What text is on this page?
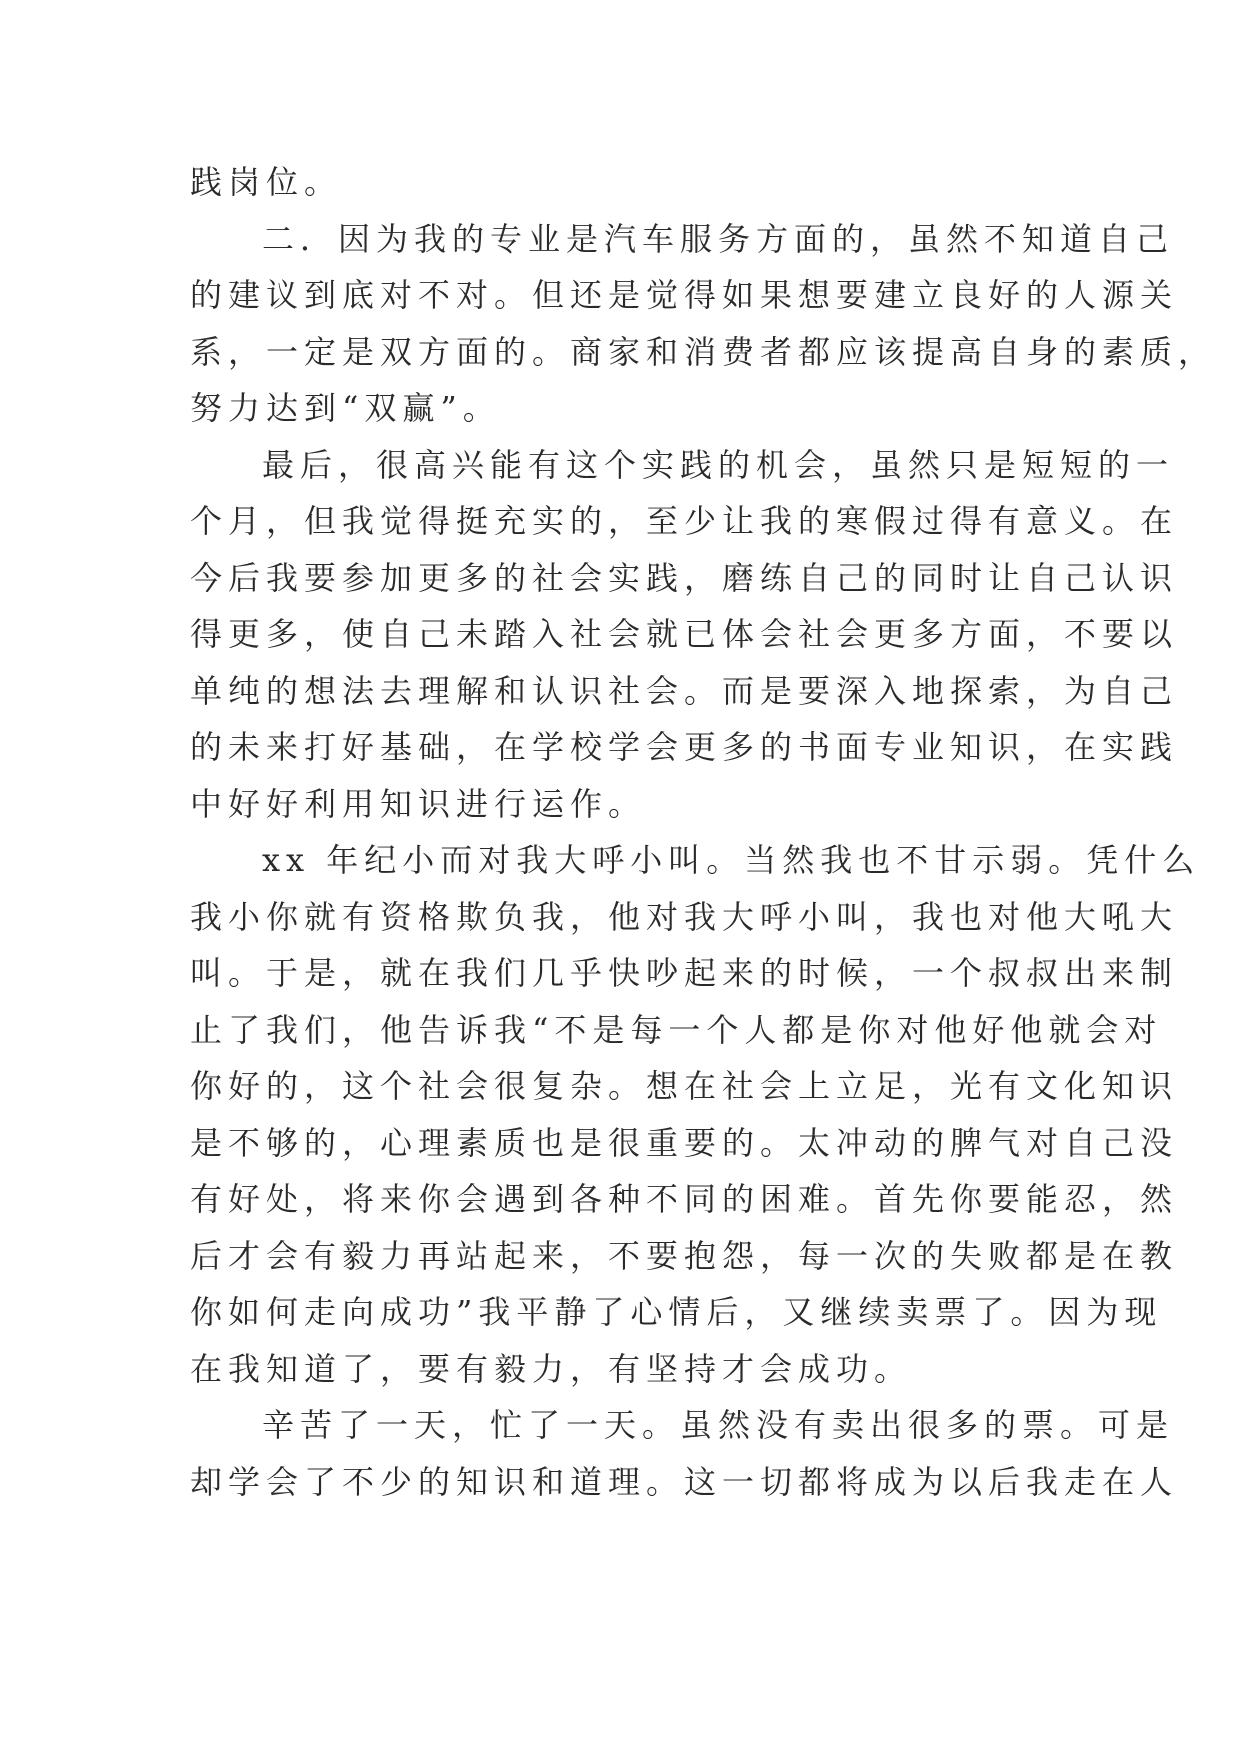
践岗位。
二．因为我的专业是汽车服务方面的，虽然不知道自己
的建议到底对不对。但还是觉得如果想要建立良好的人源关
系，一定是双方面的。商家和消费者都应该提高自身的素质，
努力达到“双赢”。
最后，很高兴能有这个实践的机会，虽然只是短短的一
个月，但我觉得挺充实的，至少让我的寒假过得有意义。在
今后我要参加更多的社会实践，磨练自己的同时让自己认识
得更多，使自己未踏入社会就已体会社会更多方面，不要以
单纯的想法去理解和认识社会。而是要深入地探索，为自己
的未来打好基础，在学校学会更多的书面专业知识，在实践
中好好利用知识进行运作。
xx 年纪小而对我大呼小叫。当然我也不甘示弱。凭什么
我小你就有资格欺负我，他对我大呼小叫，我也对他大吼大
叫。于是，就在我们几乎快吵起来的时候，一个叔叔出来制
止了我们，他告诉我“不是每一个人都是你对他好他就会对
你好的，这个社会很复杂。想在社会上立足，光有文化知识
是不够的，心理素质也是很重要的。太冲动的脾气对自己没
有好处，将来你会遇到各种不同的困难。首先你要能忍，然
后才会有毅力再站起来，不要抱怨，每一次的失败都是在教
你如何走向成功”我平静了心情后，又继续卖票了。因为现
在我知道了，要有毅力，有坚持才会成功。
辛苦了一天，忙了一天。虽然没有卖出很多的票。可是
却学会了不少的知识和道理。这一切都将成为以后我走在人
